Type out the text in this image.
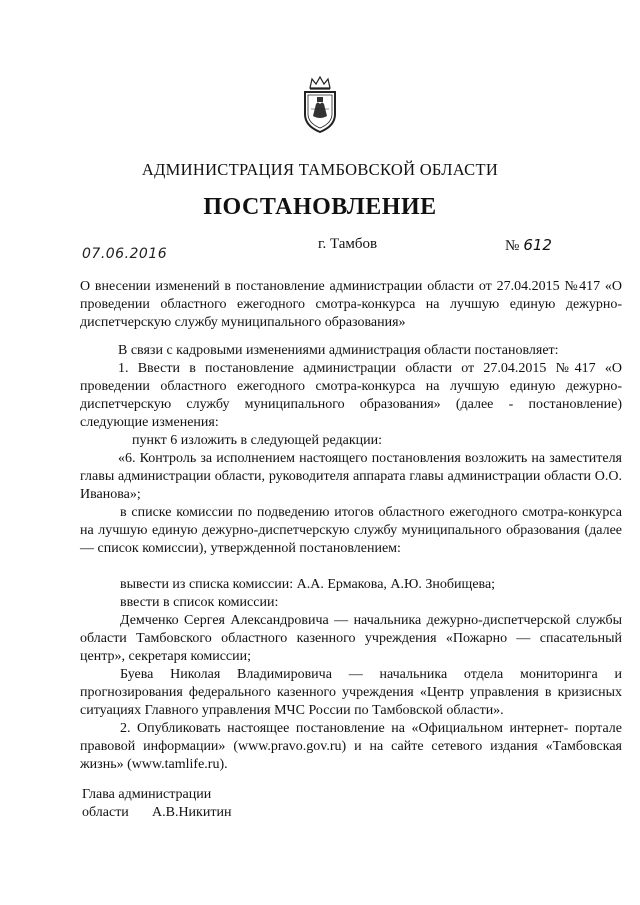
АДМИНИСТРАЦИЯ ТАМБОВСКОЙ ОБЛАСТИ
ПОСТАНОВЛЕНИЕ
07.06.2016
г. Тамбов	№ 612
О внесении изменений в постановление администрации области от 27.04.2015 №417 «О проведении областного ежегодного смотра-конкурса на лучшую единую дежурно-диспетчерскую службу муниципального образования»
В связи с кадровыми изменениями администрация области постановляет:
1. Ввести в постановление администрации области от 27.04.2015 №417 «О проведении областного ежегодного смотра-конкурса на лучшую единую дежурно-диспетчерскую службу муниципального образования» (далее - постановление) следующие изменения:
пункт 6 изложить в следующей редакции:
«6. Контроль за исполнением настоящего постановления возложить на заместителя главы администрации области, руководителя аппарата главы администрации области О.О. Иванова»;
в списке комиссии по подведению итогов областного ежегодного смотра-конкурса на лучшую единую дежурно-диспетчерскую службу муниципального образования (далее — список комиссии), утвержденной постановлением:
вывести из списка комиссии: А.А. Ермакова, А.Ю. Знобищева;
ввести в список комиссии:
Демченко Сергея Александровича — начальника дежурно-диспетчерской службы области Тамбовского областного казенного учреждения «Пожарно — спасательный центр», секретаря комиссии;
Буева Николая Владимировича — начальника отдела мониторинга и прогнозирования федерального казенного учреждения «Центр управления в кризисных ситуациях Главного управления МЧС России по Тамбовской области».
2. Опубликовать настоящее постановление на «Официальном интернет- портале правовой информации» (www.pravo.gov.ru) и на сайте сетевого издания «Тамбовская жизнь» (www.tamlife.ru).
Глава администрации
области А.В.Никитин
